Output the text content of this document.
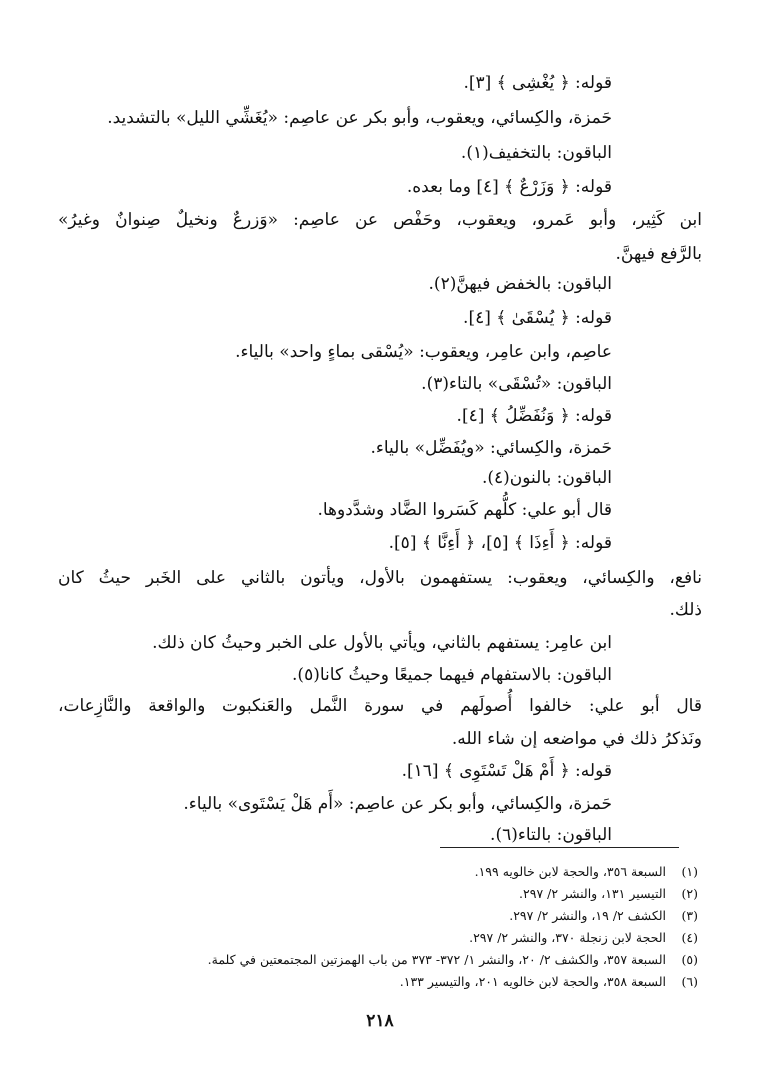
قوله: ﴿ يُغْشِى ﴾ [٣].
حَمزة، والكِسائي، ويعقوب، وأبو بكر عن عاصِم: «يُغَشِّي الليل» بالتشديد.
الباقون: بالتخفيف(١).
قوله: ﴿ وَزَرْعٌ ﴾ [٤] وما بعده.
ابن كَثِير، وأبو عَمرو، ويعقوب، وحَفْص عن عاصِم: «وَزرعٌ ونخيلٌ صِنوانٌ وغيرُ»
بالرَّفع فيهنَّ.
الباقون: بالخفض فيهنَّ(٢).
قوله: ﴿ يُسْقَىٰ ﴾ [٤].
عاصِم، وابن عامِر، ويعقوب: «يُسْقى بماءٍ واحد» بالياء.
الباقون: «تُسْقَى» بالتاء(٣).
قوله: ﴿ وَنُفَضِّلُ ﴾ [٤].
حَمزة، والكِسائي: «ويُفَضِّل» بالياء.
الباقون: بالنون(٤).
قال أبو علي: كلُّهم كَسَروا الضَّاد وشدَّدوها.
قوله: ﴿ أَءِذَا ﴾ [٥]، ﴿ أَءِنَّا ﴾ [٥].
نافع، والكِسائي، ويعقوب: يستفهمون بالأول، ويأتون بالثاني على الخَبر حيثُ كان
ذلك.
ابن عامِر: يستفهم بالثاني، ويأتي بالأول على الخبر وحيثُ كان ذلك.
الباقون: بالاستفهام فيهما جميعًا وحيثُ كانا(٥).
قال أبو علي: خالفوا أُصولَهم في سورة النَّمل والعَنكبوت والواقعة والنَّازِعات،
ونَذكرُ ذلك في مواضعه إن شاء الله.
قوله: ﴿ أَمْ هَلْ تَسْتَوِى ﴾ [١٦].
حَمزة، والكِسائي، وأبو بكر عن عاصِم: «أَم هَلْ يَسْتَوى» بالياء.
الباقون: بالتاء(٦).
(١)السبعة ٣٥٦، والحجة لابن خالويه ١٩٩.
(٢)التيسير ١٣١، والنشر ٢/ ٢٩٧.
(٣)الكشف ٢/ ١٩، والنشر ٢/ ٢٩٧.
(٤)الحجة لابن زنجلة ٣٧٠، والنشر ٢/ ٢٩٧.
(٥)السبعة ٣٥٧، والكشف ٢/ ٢٠، والنشر ١/ ٣٧٢- ٣٧٣ من باب الهمزتين المجتمعتين في كلمة.
(٦)السبعة ٣٥٨، والحجة لابن خالويه ٢٠١، والتيسير ١٣٣.
٢١٨
